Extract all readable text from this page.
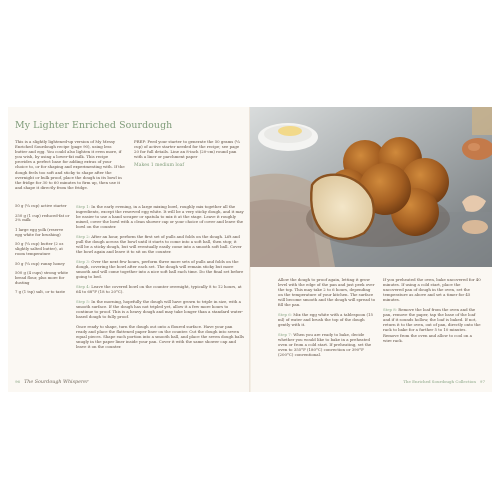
My Lighter Enriched Sourdough

This is a slightly lightened-up version of My Messy Enriched Sourdough recipe (page 90), using less butter and egg. You could also lighten it even more, if you wish, by using a lower-fat milk. This recipe provides a perfect base for adding extras of your choice to, or for shaping and experimenting with. If the dough feels too soft and sticky to shape after the overnight or bulk proof, place the dough in its bowl in the fridge for 30 to 60 minutes to firm up, then use it and shape it directly from the fridge.

PREP: Feed your starter to generate the 50 grams (¼ cup) of active starter needed for the recipe; see page 20 for full details. Line an 8-inch (20-cm) round pan with a liner or parchment paper

Makes 1 medium loaf

50 g (¼ cup) active starter

250 g (1 cup) reduced-fat or 2% milk

1 large egg yolk (reserve egg white for brushing)

50 g (¼ cup) butter (2 oz slightly salted butter), at room temperature

50 g (¼ cup) runny honey

500 g (4 cups) strong white bread flour, plus more for dusting

7 g (1 tsp) salt, or to taste

Step 1: In the early evening, in a large mixing bowl, roughly mix together all the ingredients, except the reserved egg white. It will be a very sticky dough, and it may be easier to use a hand scraper or spatula to mix it at the stage. Leave it roughly mixed, cover the bowl with a clean shower cap or your choice of cover and leave the bowl on the counter.

Step 2: After an hour, perform the first set of pulls and folds on the dough. Lift and pull the dough across the bowl until it starts to come into a soft ball, then stop; it will be a sticky dough, but will eventually easily come into a smooth soft ball. Cover the bowl again and leave it to sit on the counter.

Step 3: Over the next few hours, perform three more sets of pulls and folds on the dough, covering the bowl after each set. The dough will remain sticky but more smooth and will come together into a nice soft ball each time. Do the final set before going to bed.

Step 4: Leave the covered bowl on the counter overnight, typically 8 to 12 hours, at 64 to 68°F (18 to 20°C).

Step 5: In the morning, hopefully the dough will have grown to triple in size, with a smooth surface. If the dough has not tripled yet, allow it a few more hours to continue to proof. This is a heavy dough and may take longer than a standard water-based dough to fully proof.

Once ready to shape, turn the dough out onto a floured surface. Have your pan ready and place the flattened paper liner on the counter. Cut the dough into seven equal pieces. Shape each portion into a smooth ball, and place the seven dough balls snugly in the paper liner inside your pan. Cover it with the same shower cap and leave it on the counter.

96 The Sourdough Whisperer

Allow the dough to proof again, letting it grow level with the edge of the pan and just peek over the top. This may take 2 to 6 hours, depending on the temperature of your kitchen. The surface will become smooth and the dough will spread to fill the pan.

Step 6: Mix the egg white with a tablespoon (15 ml) of water and brush the top of the dough gently with it.

Step 7: When you are ready to bake, decide whether you would like to bake in a preheated oven or from a cold start. If preheating, set the oven to 355°F (180°C) convection or 390°F (200°C) conventional.

If you preheated the oven, bake uncovered for 40 minutes. If using a cold start, place the uncovered pan of dough in the oven, set the temperature as above and set a timer for 45 minutes.

Step 8: Remove the loaf from the oven and the pan, remove the paper, tap the base of the loaf and if it sounds hollow, the loaf is baked. If not, return it to the oven, out of pan, directly onto the rack to bake for a further 5 to 10 minutes. Remove from the oven and allow to cool on a wire rack.

The Enriched Sourdough Collection 97
